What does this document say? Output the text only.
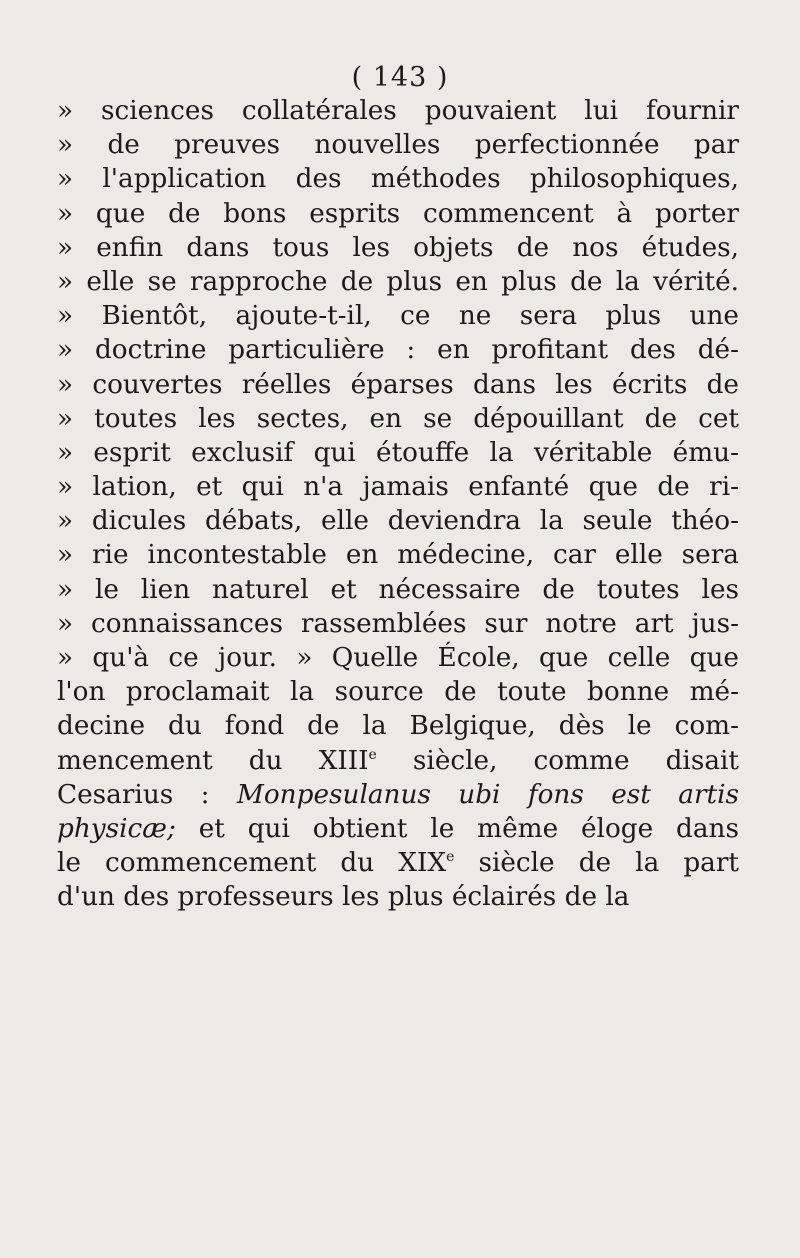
( 143 )
» sciences collatérales pouvaient lui fournir
» de preuves nouvelles perfectionnée par
» l'application des méthodes philosophiques,
» que de bons esprits commencent à porter
» enfin dans tous les objets de nos études,
» elle se rapproche de plus en plus de la vérité.
» Bientôt, ajoute-t-il, ce ne sera plus une
» doctrine particulière : en profitant des dé-
» couvertes réelles éparses dans les écrits de
» toutes les sectes, en se dépouillant de cet
» esprit exclusif qui étouffe la véritable ému-
» lation, et qui n'a jamais enfanté que de ri-
» dicules débats, elle deviendra la seule théo-
» rie incontestable en médecine, car elle sera
» le lien naturel et nécessaire de toutes les
» connaissances rassemblées sur notre art jus-
» qu'à ce jour. » Quelle École, que celle que
l'on proclamait la source de toute bonne mé-
decine du fond de la Belgique, dès le com-
mencement du XIIIe siècle, comme disait
Cesarius : Monpesulanus ubi fons est artis
physicæ; et qui obtient le même éloge dans
le commencement du XIXe siècle de la part
d'un des professeurs les plus éclairés de la
